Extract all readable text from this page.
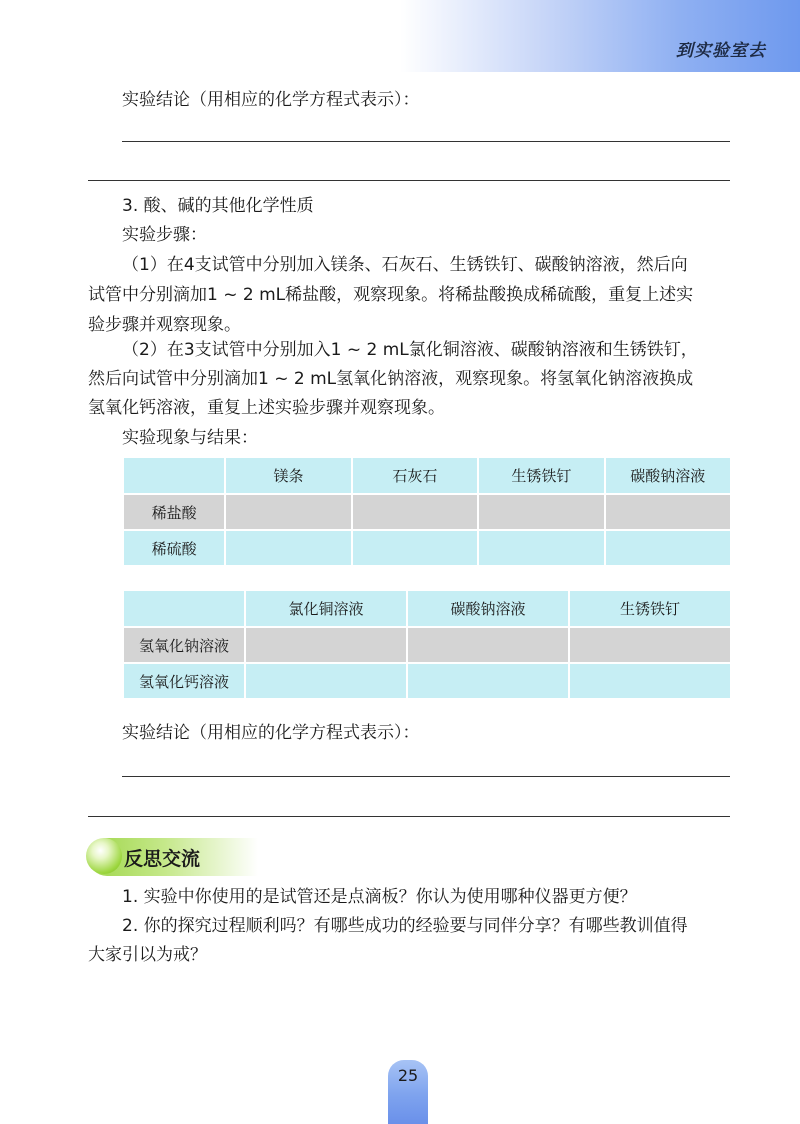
到实验室去
实验结论（用相应的化学方程式表示）：
3. 酸、碱的其他化学性质
实验步骤：
（1）在4支试管中分别加入镁条、石灰石、生锈铁钉、碳酸钠溶液，然后向
试管中分别滴加1 ~ 2 mL稀盐酸，观察现象。将稀盐酸换成稀硫酸，重复上述实
验步骤并观察现象。
（2）在3支试管中分别加入1 ~ 2 mL氯化铜溶液、碳酸钠溶液和生锈铁钉，
然后向试管中分别滴加1 ~ 2 mL氢氧化钠溶液，观察现象。将氢氧化钠溶液换成
氢氧化钙溶液，重复上述实验步骤并观察现象。
实验现象与结果：
	镁条	石灰石	生锈铁钉	碳酸钠溶液
稀盐酸				
稀硫酸				
	氯化铜溶液	碳酸钠溶液	生锈铁钉
氢氧化钠溶液			
氢氧化钙溶液			
实验结论（用相应的化学方程式表示）：
反思交流
1. 实验中你使用的是试管还是点滴板？你认为使用哪种仪器更方便？
2. 你的探究过程顺利吗？有哪些成功的经验要与同伴分享？有哪些教训值得
大家引以为戒？
25
